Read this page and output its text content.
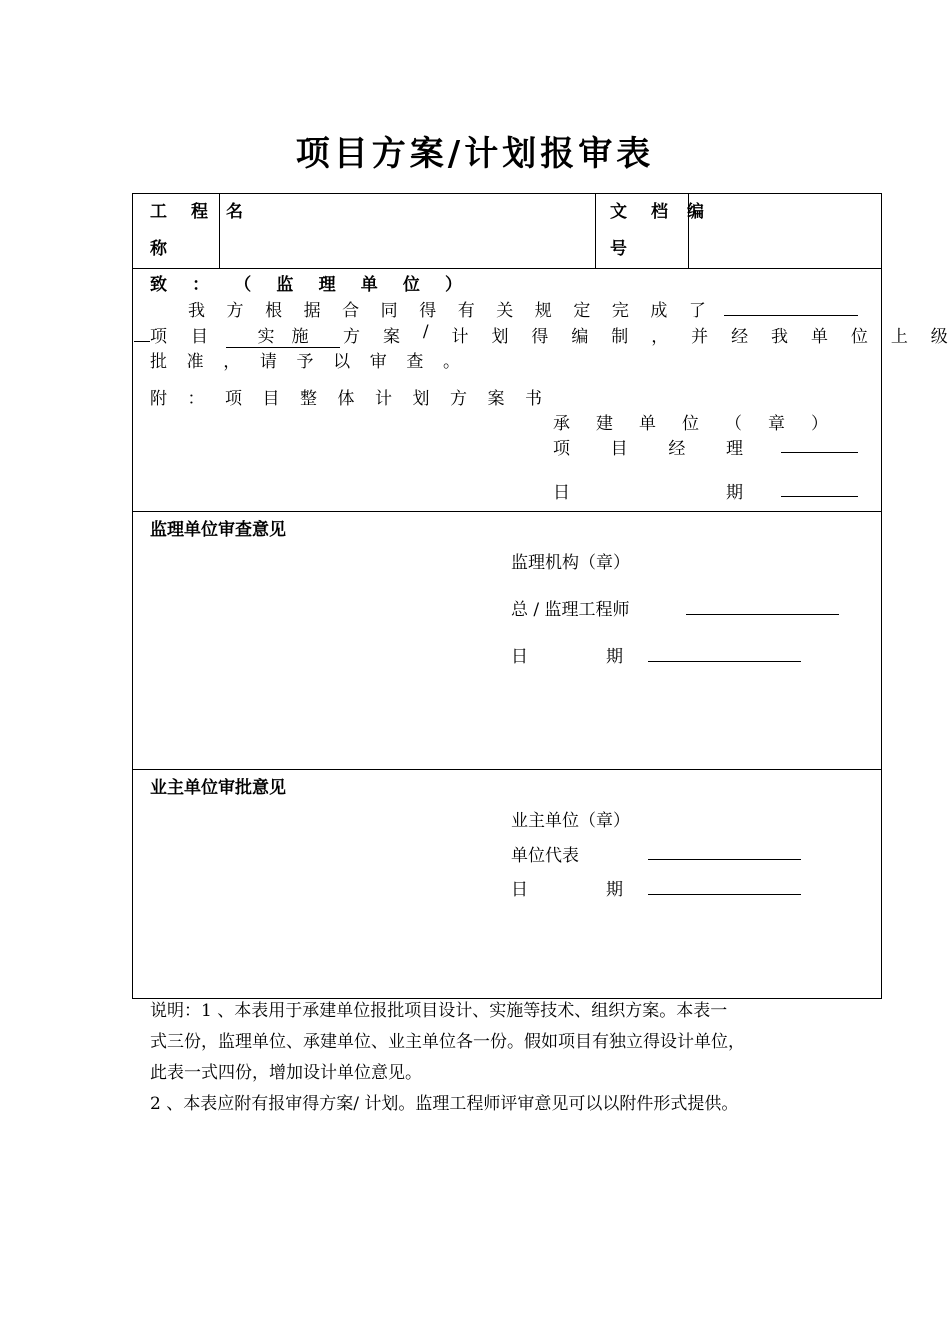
项目方案/计划报审表
工 程 名
称
文 档 编
号
致 ： （ 监 理 单 位 ）
我 方 根 据 合 同 得 有 关 规 定 完 成 了
项 目	实　施	方 案 / 计 划 得 编 制 ， 并 经 我 单 位 上 级
批 准 ， 请 予 以 审 查 。
附 ： 项 目 整 体 计 划 方 案 书
承 建 单 位 （ 章 ）
项 目 经 理
日	期
监理单位审查意见
监理机构（章）
总 / 监理工程师
日	期
业主单位审批意见
业主单位（章）
单位代表
日	期
说明：1 、本表用于承建单位报批项目设计、实施等技术、组织方案。本表一
式三份，监理单位、承建单位、业主单位各一份。假如项目有独立得设计单位，
此表一式四份，增加设计单位意见。
2 、本表应附有报审得方案/ 计划。监理工程师评审意见可以以附件形式提供。
